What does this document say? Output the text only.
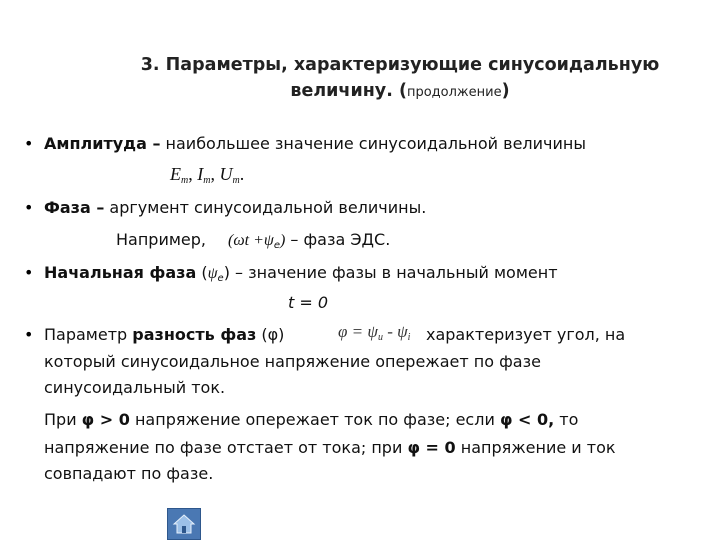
3. Параметры, характеризующие синусоидальную
величину. (продолжение)
• Амплитуда – наибольшее значение синусоидальной величины
$E_m$, $I_m$, $U_m$.
• Фаза – аргумент синусоидальной величины.
Например, $(\omega t +\psi_e)$ – фаза ЭДС.
• Начальная фаза $(\psi_e)$ – значение фазы в начальный момент
t = 0
• Параметр разность фаз (φ)	$\varphi = \psi_u - \psi_i$ характеризует угол, на
который синусоидальное напряжение опережает по фазе
синусоидальный ток.
При φ > 0 напряжение опережает ток по фазе; если φ < 0, то
напряжение по фазе отстает от тока; при φ = 0 напряжение и ток
совпадают по фазе.
